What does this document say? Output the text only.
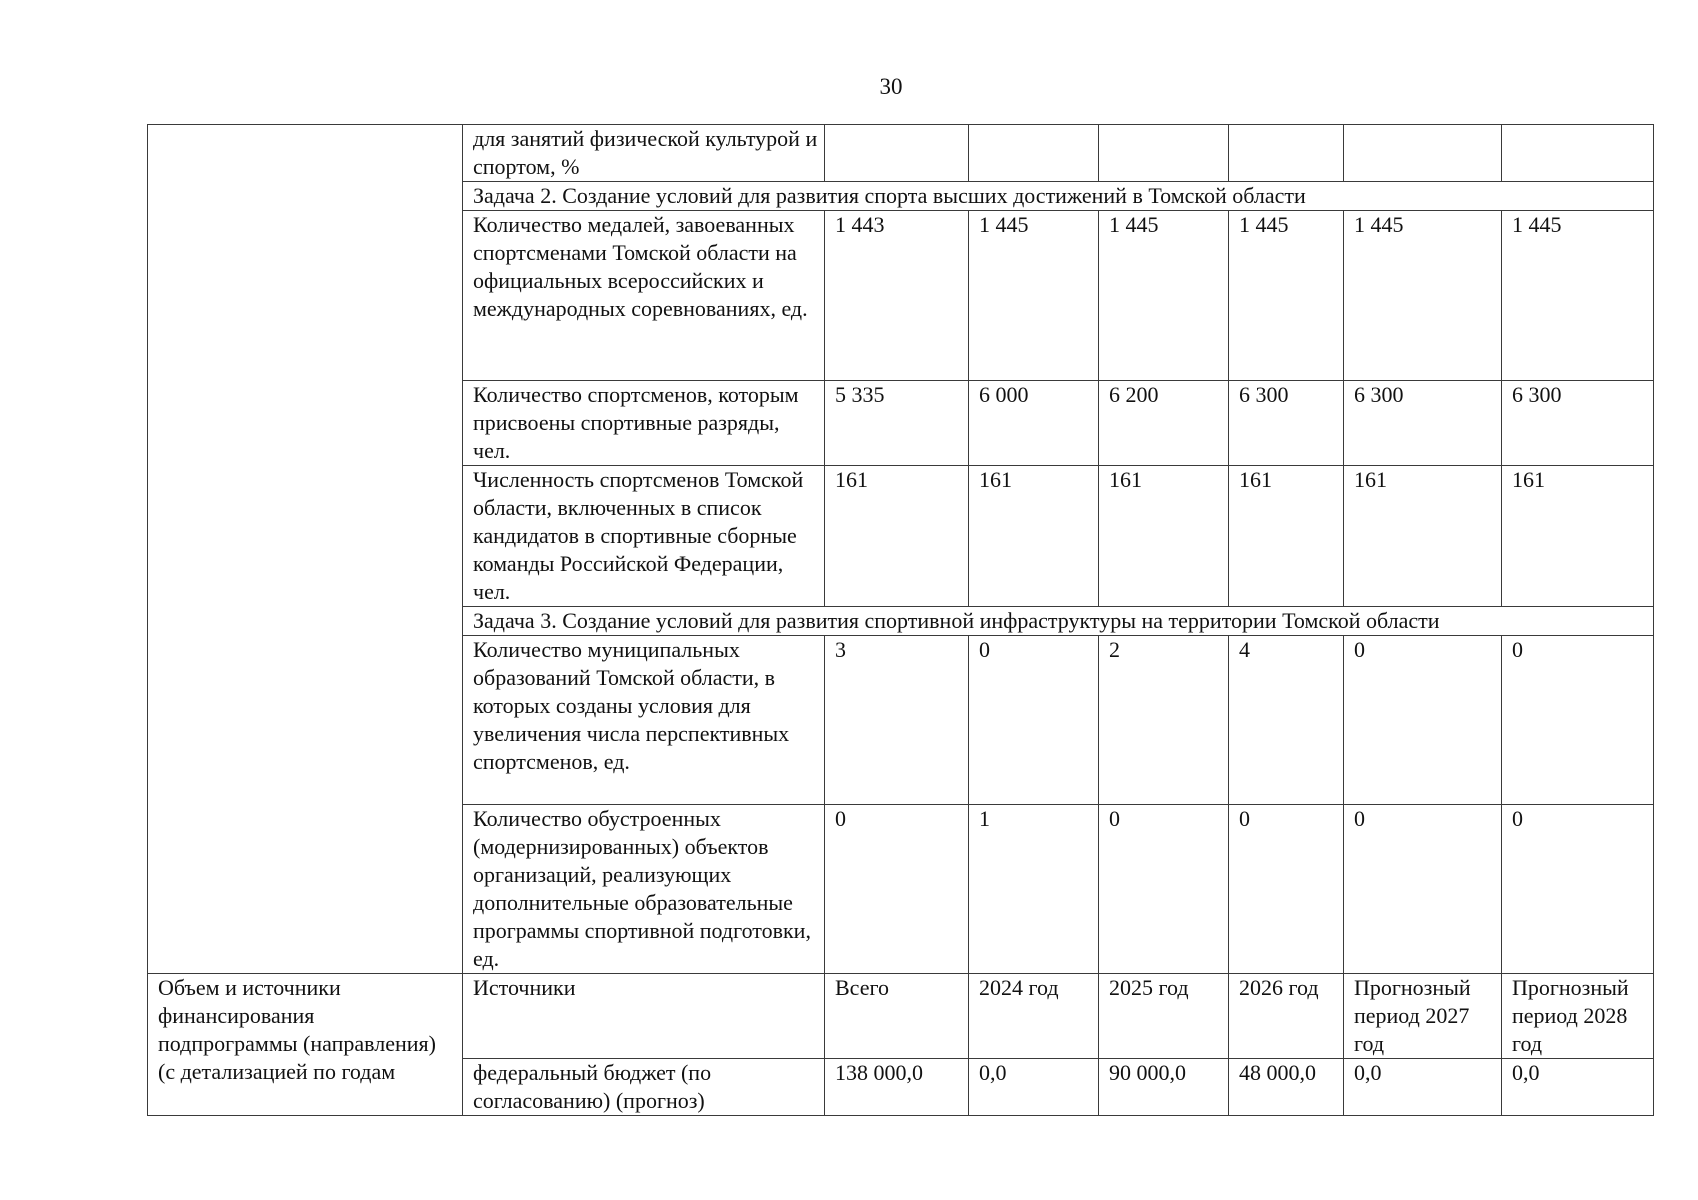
30
	для занятий физической культурой и спортом, %						
	Задача 2. Создание условий для развития спорта высших достижений в Томской области						
	Количество медалей, завоеванных спортсменами Томской области на официальных всероссийских и международных соревнованиях, ед.	1 443	1 445	1 445	1 445	1 445	1 445
	Количество спортсменов, которым присвоены спортивные разряды, чел.	5 335	6 000	6 200	6 300	6 300	6 300
	Численность спортсменов Томской области, включенных в список кандидатов в спортивные сборные команды Российской Федерации, чел.	161	161	161	161	161	161
	Задача 3. Создание условий для развития спортивной инфраструктуры на территории Томской области						
	Количество муниципальных образований Томской области, в которых созданы условия для увеличения числа перспективных спортсменов, ед.	3	0	2	4	0	0
	Количество обустроенных (модернизированных) объектов организаций, реализующих дополнительные образовательные программы спортивной подготовки, ед.	0	1	0	0	0	0
Объем и источники финансирования подпрограммы (направления) (с детализацией по годам	Источники	Всего	2024 год	2025 год	2026 год	Прогнозный период 2027 год	Прогнозный период 2028 год
	федеральный бюджет (по согласованию) (прогноз)	138 000,0	0,0	90 000,0	48 000,0	0,0	0,0
